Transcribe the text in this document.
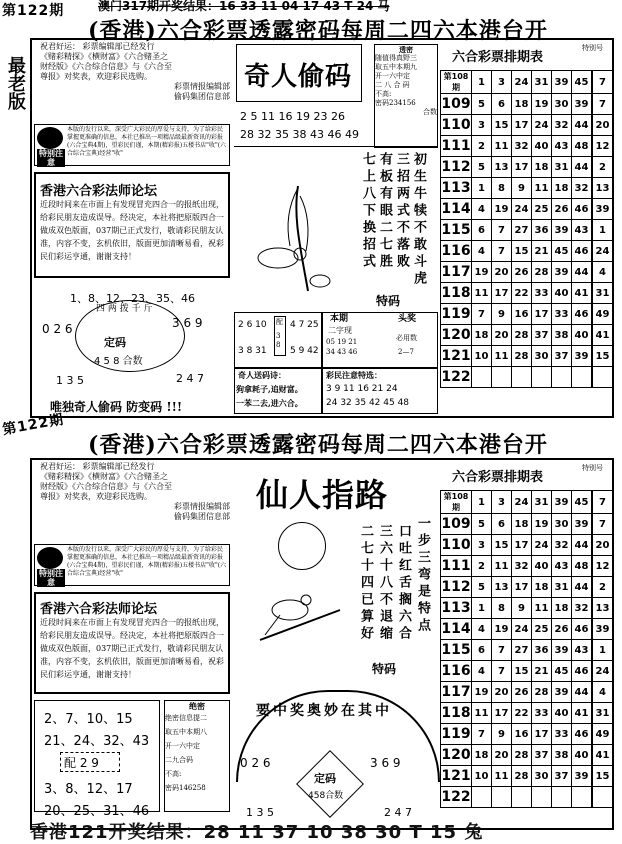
第122期	澳门317期开奖结果：16 33 11 04 17 43 T 24 马
(香港)六合彩票透露密码每周二四六本港台开
最老版
祝君好运： 彩票编辑部已经发行
《赌彩精探》《横财富》《六合赌圣之
财经版》《六合综合信息》与《六合至
尊报》对奖表，欢迎彩民选购。
彩票情报编辑部
偷码集团信息部
特别注意
本版的发行以来，深受广大彩民的厚爱与支持，为了给彩民掌握更准确的信息，本社已推出一项精品级最新资讯的彩报(六合宝典4期)，望彩民们谨，本期(精彩报)五楼书店"收"(六合综合宝典)经营"收"
香港六合彩法师论坛
近段时间来在市面上有发现冒充四合一的报纸出现，给彩民朋友造成误导。经决定，本社将把原版四合一做成双色版面，037期已正式发行，敬请彩民朋友认准，内容不变，玄机依旧，版面更加清晰易看，祝彩民们彩运亨通，谢谢支持！
1、8、12、23、35、46
四 两 拨 千 斤
0 2 6	3 6 9
定码
4 5 8 合数
1 3 5	2 4 7
唯独奇人偷码 防变码 !!!
奇人偷码
2 5 11 16 19 23 26
28 32 35 38 43 46 49
七上八下换招式 有板有眼二七胜 三招两式不落败 初生牛犊不敢斗虎
特码
透密
随值得真野三
取五中本期九
开一六中定
二 八 合 码
不高:
密码234156
合数
2 6 10
3 8 31
配
3 8
4 7 25
5 9 42
本期
二字现
05 19 21
34 43 46
头奖
必用数
2—7
奇人送码诗：
狗拿耗子,追财富。
一苯二去,进六合。
彩民注意特选：
3 9 11 16 21 24
24 32 35 42 45 48
六合彩票排期表
特别号
第108期	1	3	24	31	39	45	7
109	5	6	18	19	30	39	7
110	3	15	17	24	32	44	20
111	2	11	32	40	43	48	12
112	5	13	17	18	31	44	2
113	1	8	9	11	18	32	13
114	4	19	24	25	26	46	39
115	6	7	27	36	39	43	1
116	4	7	15	21	45	46	24
117	19	20	26	28	39	44	4
118	11	17	22	33	40	41	31
119	7	9	16	17	33	46	49
120	18	20	28	37	38	40	41
121	10	11	28	30	37	39	15
122							
第122期
(香港)六合彩票透露密码每周二四六本港台开
祝君好运： 彩票编辑部已经发行
《赌彩精探》《横财富》《六合赌圣之
财经版》《六合综合信息》与《六合至
尊报》对奖表，欢迎彩民选购。
彩票情报编辑部
偷码集团信息部
特别注意
本版的发行以来，深受广大彩民的厚爱与支持，为了给彩民掌握更准确的信息，本社已推出一项精品级最新资讯的彩报(六合宝典4期)，望彩民们谨，本期(精彩报)五楼书店"收"(六合综合宝典)经营"收"
香港六合彩法师论坛
近段时间来在市面上有发现冒充四合一的报纸出现，给彩民朋友造成误导。经决定，本社将把原版四合一做成双色版面，037期已正式发行，敬请彩民朋友认准，内容不变，玄机依旧，版面更加清晰易看，祝彩民们彩运亨通，谢谢支持！
2、7、10、15
21、24、32、43
配 2 9
3、8、12、17
20、25、31、46
绝密
绝密信息提二
取五中本期八
开一六中定
二九合码
不高:
密码146258
仙人指路
二七十四已算好 三六十八不退缩 口吐红舌搁六合 一步三弯是特点
特码
要中奖奥妙在其中
0 2 6	3 6 9
定码
458合数
1 3 5	2 4 7
六合彩票排期表
特别号
第108期	1	3	24	31	39	45	7
109	5	6	18	19	30	39	7
110	3	15	17	24	32	44	20
111	2	11	32	40	43	48	12
112	5	13	17	18	31	44	2
113	1	8	9	11	18	32	13
114	4	19	24	25	26	46	39
115	6	7	27	36	39	43	1
116	4	7	15	21	45	46	24
117	19	20	26	28	39	44	4
118	11	17	22	33	40	41	31
119	7	9	16	17	33	46	49
120	18	20	28	37	38	40	41
121	10	11	28	30	37	39	15
122							
香港121开奖结果：28 11 37 10 38 30 T 15 兔
